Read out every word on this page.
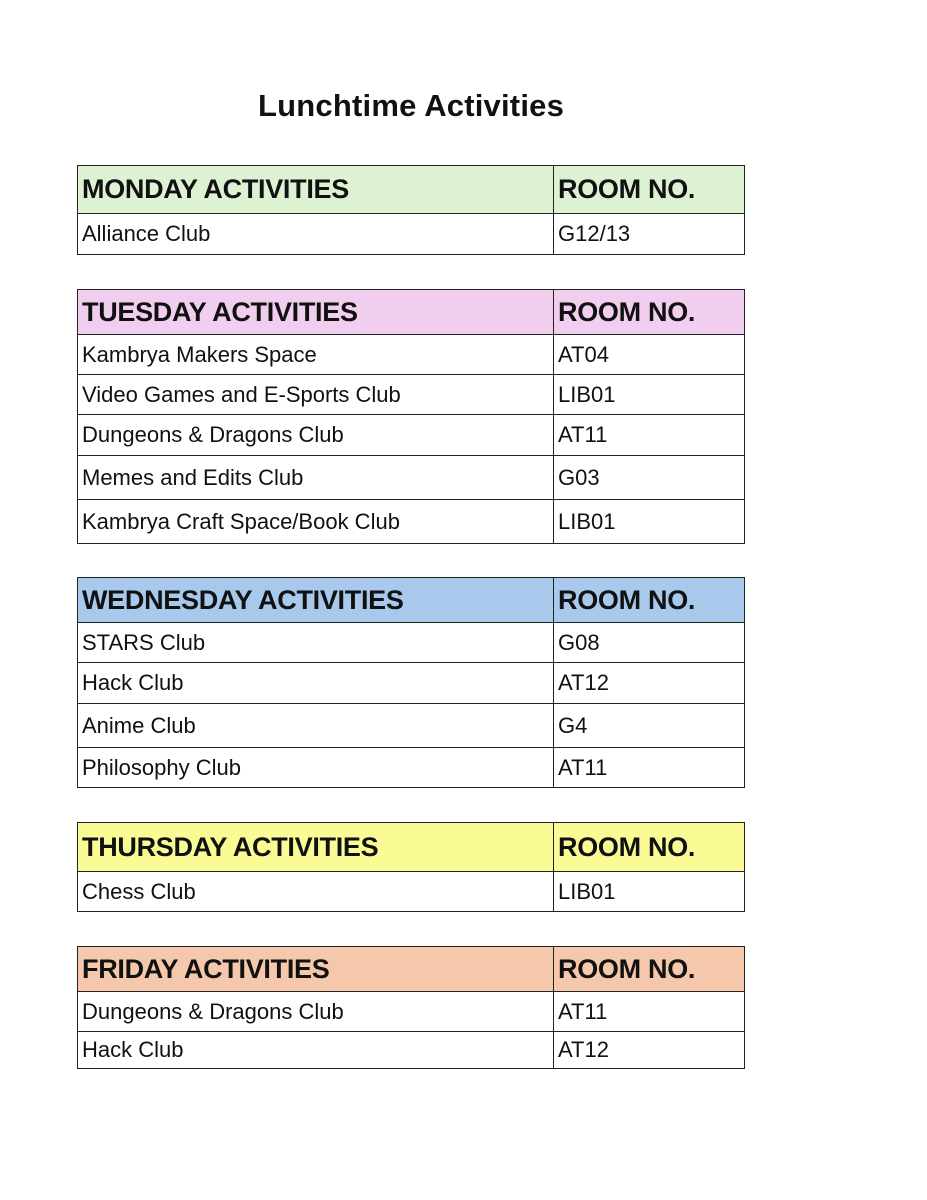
Lunchtime Activities
MONDAY ACTIVITIES	ROOM NO.
Alliance Club	G12/13
TUESDAY ACTIVITIES	ROOM NO.
Kambrya Makers Space	AT04
Video Games and E-Sports Club	LIB01
Dungeons & Dragons Club	AT11
Memes and Edits Club	G03
Kambrya Craft Space/Book Club	LIB01
WEDNESDAY ACTIVITIES	ROOM NO.
STARS Club	G08
Hack Club	AT12
Anime Club	G4
Philosophy Club	AT11
THURSDAY ACTIVITIES	ROOM NO.
Chess Club	LIB01
FRIDAY ACTIVITIES	ROOM NO.
Dungeons & Dragons Club	AT11
Hack Club	AT12
